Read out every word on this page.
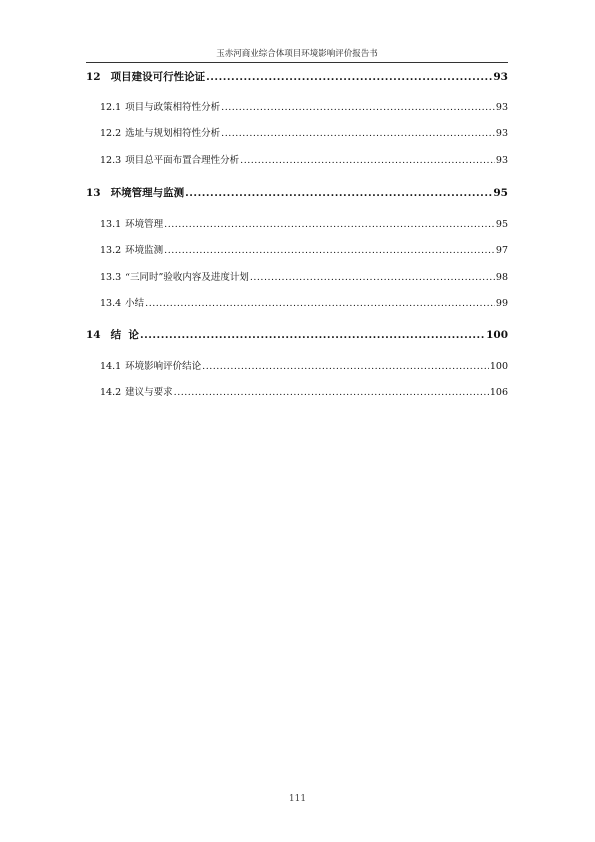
玉赤河商业综合体项目环境影响评价报告书
12 项目建设可行性论证 .....	93
12.1 项目与政策相符性分析 .....	93
12.2 选址与规划相符性分析 .....	93
12.3 项目总平面布置合理性分析 .....	93
13 环境管理与监测 .....	95
13.1 环境管理 .....	95
13.2 环境监测 .....	97
13.3 “三同时”验收内容及进度计划 .....	98
13.4 小结 .....	99
14 结  论 .....	100
14.1 环境影响评价结论 .....	100
14.2 建议与要求 .....	106
111
